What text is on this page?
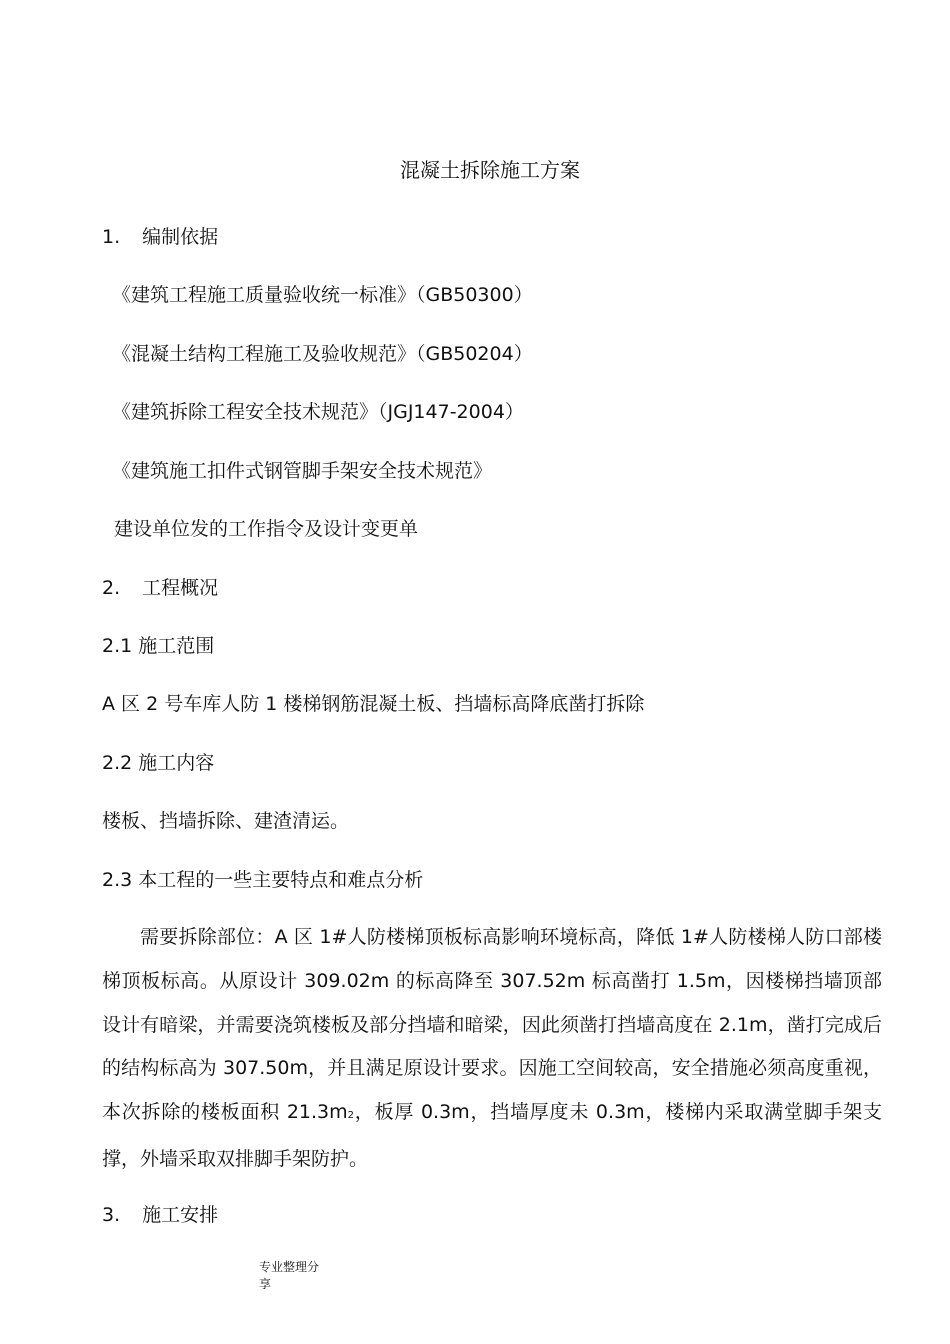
混凝土拆除施工方案
1. 编制依据
《建筑工程施工质量验收统一标准》（GB50300）
《混凝土结构工程施工及验收规范》（GB50204）
《建筑拆除工程安全技术规范》（JGJ147-2004）
《建筑施工扣件式钢管脚手架安全技术规范》
建设单位发的工作指令及设计变更单
2. 工程概况
2.1 施工范围
A 区 2 号车库人防 1 楼梯钢筋混凝土板、挡墙标高降底凿打拆除
2.2 施工内容
楼板、挡墙拆除、建渣清运。
2.3 本工程的一些主要特点和难点分析
需要拆除部位：A 区 1#人防楼梯顶板标高影响环境标高，降低 1#人防楼梯人防口部楼梯顶板标高。从原设计 309.02m 的标高降至 307.52m 标高凿打 1.5m，因楼梯挡墙顶部设计有暗梁，并需要浇筑楼板及部分挡墙和暗梁，因此须凿打挡墙高度在 2.1m，凿打完成后的结构标高为 307.50m，并且满足原设计要求。因施工空间较高，安全措施必须高度重视，本次拆除的楼板面积 21.3m2，板厚 0.3m，挡墙厚度未 0.3m，楼梯内采取满堂脚手架支撑，外墙采取双排脚手架防护。
3. 施工安排
专业整理分
享
